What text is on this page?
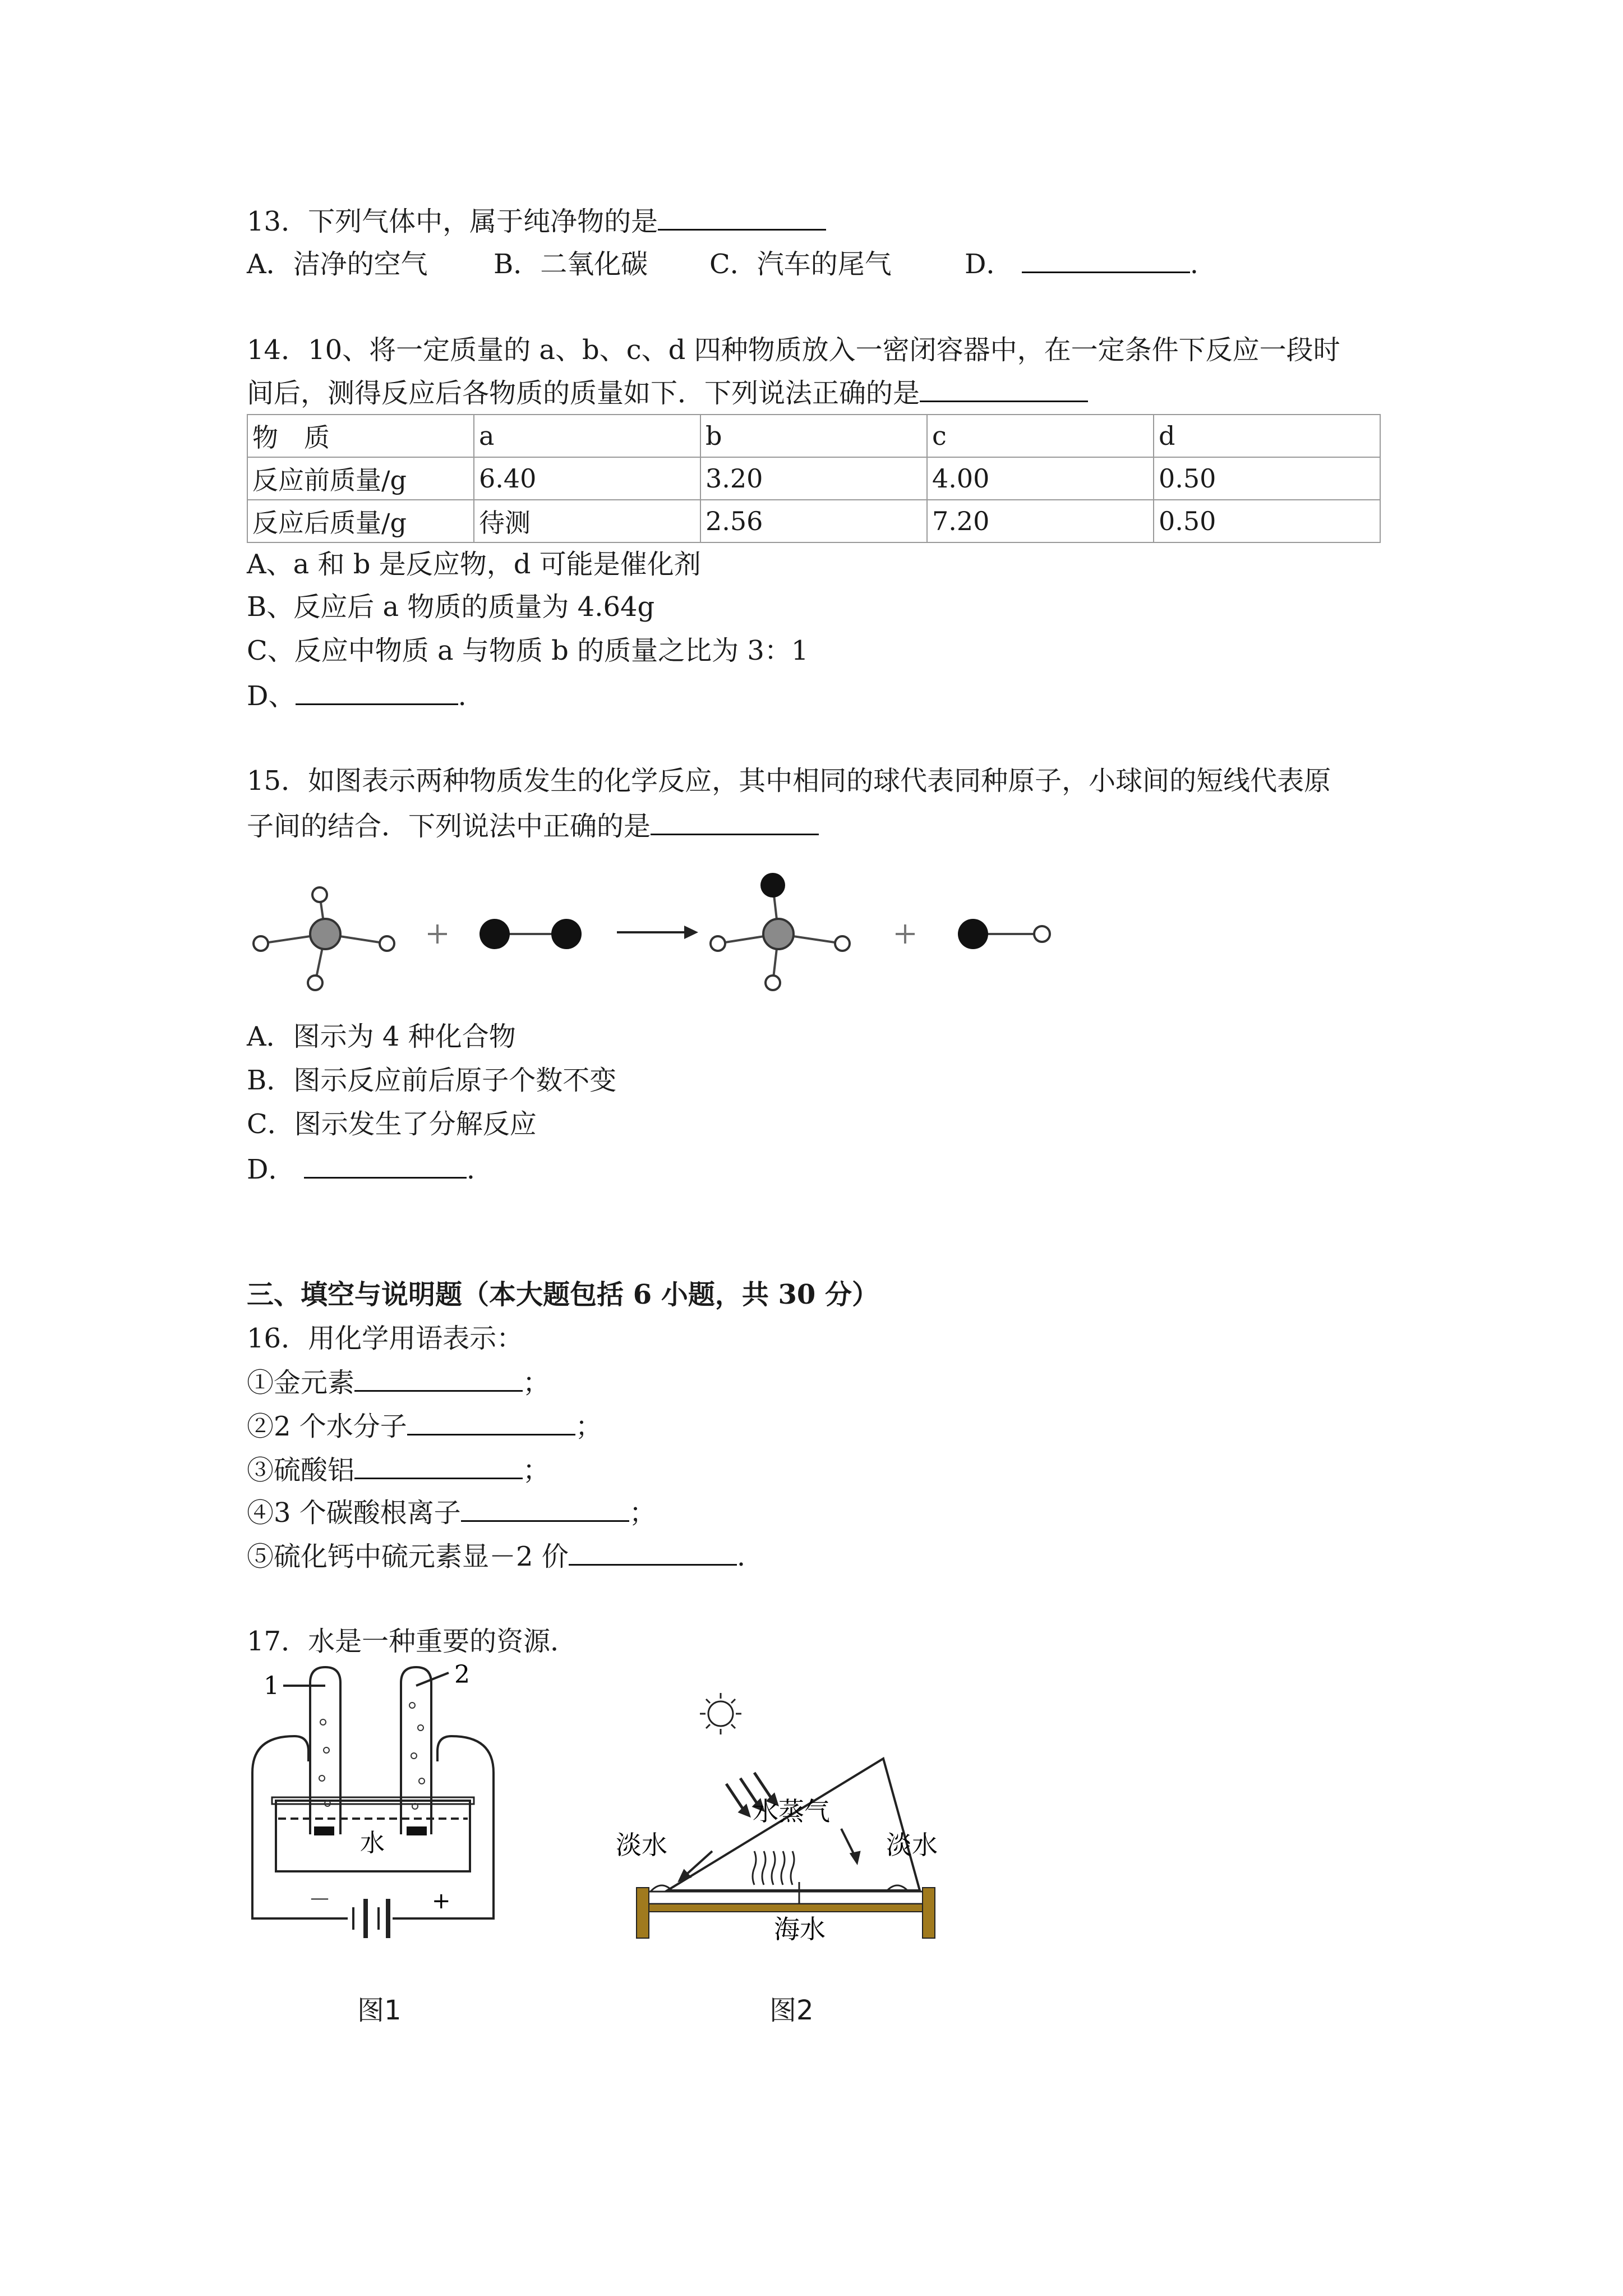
13．下列气体中，属于纯净物的是
A．洁净的空气 B．二氧化碳 C．汽车的尾气	D．	.
14．10、将一定质量的 a、b、c、d 四种物质放入一密闭容器中，在一定条件下反应一段时
间后，测得反应后各物质的质量如下．下列说法正确的是
物　质	a	b	c	d
反应前质量/g	6.40	3.20	4.00	0.50
反应后质量/g	待测	2.56	7.20	0.50
A、a 和 b 是反应物，d 可能是催化剂
B、反应后 a 物质的质量为 4.64g
C、反应中物质 a 与物质 b 的质量之比为 3：1
D、	.
15．如图表示两种物质发生的化学反应，其中相同的球代表同种原子，小球间的短线代表原
子间的结合．下列说法中正确的是
A．图示为 4 种化合物
B．图示反应前后原子个数不变
C．图示发生了分解反应
D．	.
三、填空与说明题（本大题包括 6 小题，共 30 分）
16．用化学用语表示：
①金元素	；
②2 个水分子	；
③硫酸铝	；
④3 个碳酸根离子	；
⑤硫化钙中硫元素显－2 价	.
17．水是一种重要的资源．
1	2
水
－	+
图1
水蒸气
淡水	淡水
海水
图2
